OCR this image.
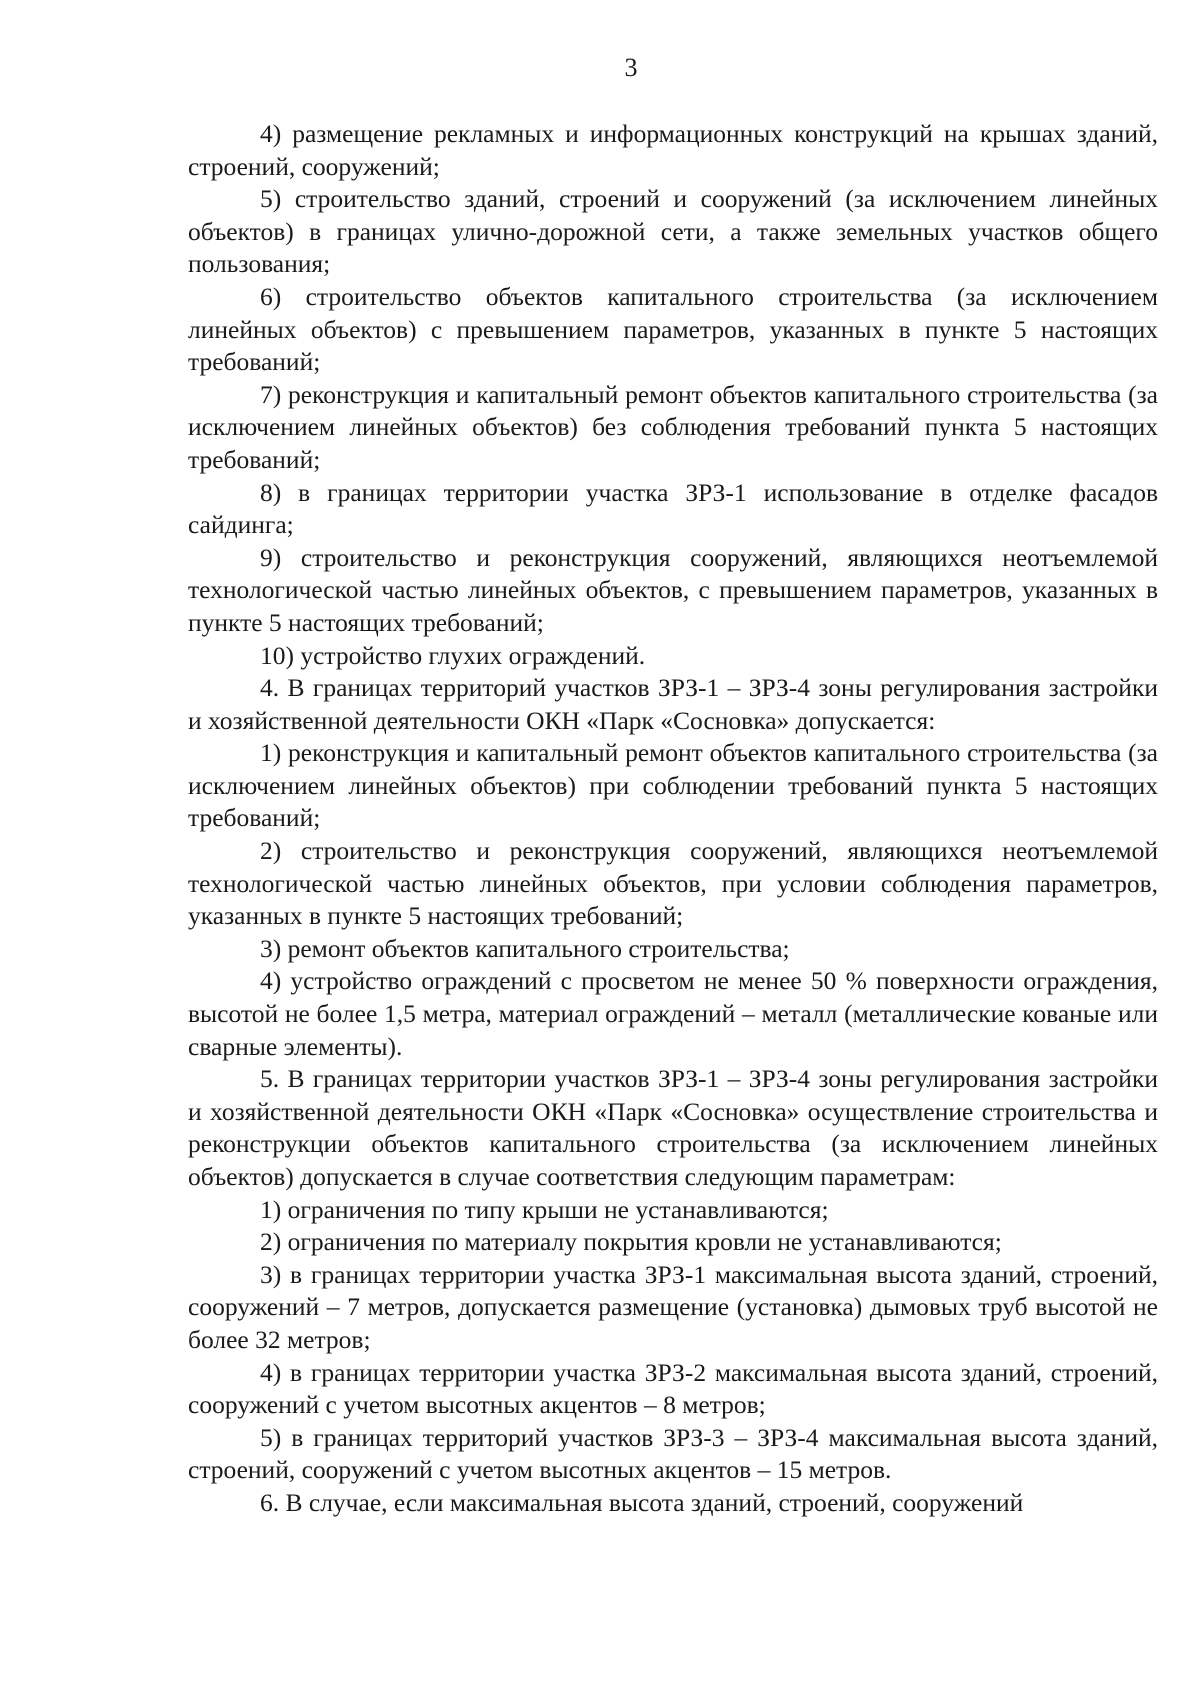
3

4) размещение рекламных и информационных конструкций на крышах зданий, строений, сооружений;

5) строительство зданий, строений и сооружений (за исключением линейных объектов) в границах улично-дорожной сети, а также земельных участков общего пользования;

6) строительство объектов капитального строительства (за исключением линейных объектов) с превышением параметров, указанных в пункте 5 настоящих требований;

7) реконструкция и капитальный ремонт объектов капитального строительства (за исключением линейных объектов) без соблюдения требований пункта 5 настоящих требований;

8) в границах территории участка ЗРЗ-1 использование в отделке фасадов сайдинга;

9) строительство и реконструкция сооружений, являющихся неотъемлемой технологической частью линейных объектов, с превышением параметров, указанных в пункте 5 настоящих требований;

10) устройство глухих ограждений.

4. В границах территорий участков ЗРЗ-1 – ЗРЗ-4 зоны регулирования застройки и хозяйственной деятельности ОКН «Парк «Сосновка» допускается:

1) реконструкция и капитальный ремонт объектов капитального строительства (за исключением линейных объектов) при соблюдении требований пункта 5 настоящих требований;

2) строительство и реконструкция сооружений, являющихся неотъемлемой технологической частью линейных объектов, при условии соблюдения параметров, указанных в пункте 5 настоящих требований;

3) ремонт объектов капитального строительства;

4) устройство ограждений с просветом не менее 50 % поверхности ограждения, высотой не более 1,5 метра, материал ограждений – металл (металлические кованые или сварные элементы).

5. В границах территории участков ЗРЗ-1 – ЗРЗ-4 зоны регулирования застройки и хозяйственной деятельности ОКН «Парк «Сосновка» осуществление строительства и реконструкции объектов капитального строительства (за исключением линейных объектов) допускается в случае соответствия следующим параметрам:

1) ограничения по типу крыши не устанавливаются;

2) ограничения по материалу покрытия кровли не устанавливаются;

3) в границах территории участка ЗРЗ-1 максимальная высота зданий, строений, сооружений – 7 метров, допускается размещение (установка) дымовых труб высотой не более 32 метров;

4) в границах территории участка ЗРЗ-2 максимальная высота зданий, строений, сооружений с учетом высотных акцентов – 8 метров;

5) в границах территорий участков ЗРЗ-3 – ЗРЗ-4 максимальная высота зданий, строений, сооружений с учетом высотных акцентов – 15 метров.

6. В случае, если максимальная высота зданий, строений, сооружений
